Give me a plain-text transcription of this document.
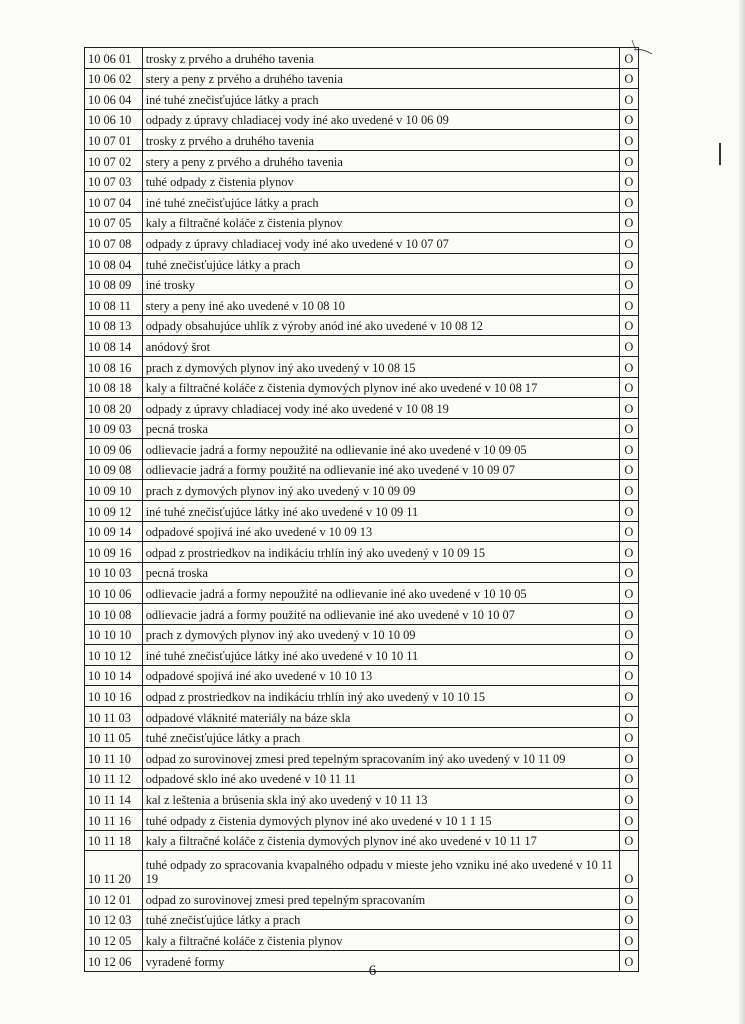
10 06 01	trosky z prvého a druhého tavenia	O
10 06 02	stery a peny z prvého a druhého tavenia	O
10 06 04	iné tuhé znečisťujúce látky a prach	O
10 06 10	odpady z úpravy chladiacej vody iné ako uvedené v 10 06 09	O
10 07 01	trosky z prvého a druhého tavenia	O
10 07 02	stery a peny z prvého a druhého tavenia	O
10 07 03	tuhé odpady z čistenia plynov	O
10 07 04	iné tuhé znečisťujúce látky a prach	O
10 07 05	kaly a filtračné koláče z čistenia plynov	O
10 07 08	odpady z úpravy chladiacej vody iné ako uvedené v 10 07 07	O
10 08 04	tuhé znečisťujúce látky a prach	O
10 08 09	iné trosky	O
10 08 11	stery a peny iné ako uvedené v 10 08 10	O
10 08 13	odpady obsahujúce uhlík z výroby anód iné ako uvedené v 10 08 12	O
10 08 14	anódový šrot	O
10 08 16	prach z dymových plynov iný ako uvedený v 10 08 15	O
10 08 18	kaly a filtračné koláče z čistenia dymových plynov iné ako uvedené v 10 08 17	O
10 08 20	odpady z úpravy chladiacej vody iné ako uvedené v 10 08 19	O
10 09 03	pecná troska	O
10 09 06	odlievacie jadrá a formy nepoužité na odlievanie iné ako uvedené v 10 09 05	O
10 09 08	odlievacie jadrá a formy použité na odlievanie iné ako uvedené v 10 09 07	O
10 09 10	prach z dymových plynov iný ako uvedený v 10 09 09	O
10 09 12	iné tuhé znečisťujúce látky iné ako uvedené v 10 09 11	O
10 09 14	odpadové spojivá iné ako uvedené v 10 09 13	O
10 09 16	odpad z prostriedkov na indikáciu trhlín iný ako uvedený v 10 09 15	O
10 10 03	pecná troska	O
10 10 06	odlievacie jadrá a formy nepoužité na odlievanie iné ako uvedené v 10 10 05	O
10 10 08	odlievacie jadrá a formy použité na odlievanie iné ako uvedené v 10 10 07	O
10 10 10	prach z dymových plynov iný ako uvedený v 10 10 09	O
10 10 12	iné tuhé znečisťujúce látky iné ako uvedené v 10 10 11	O
10 10 14	odpadové spojivá iné ako uvedené v 10 10 13	O
10 10 16	odpad z prostriedkov na indikáciu trhlín iný ako uvedený v 10 10 15	O
10 11 03	odpadové vláknité materiály na báze skla	O
10 11 05	tuhé znečisťujúce látky a prach	O
10 11 10	odpad zo surovinovej zmesi pred tepelným spracovaním iný ako uvedený v 10 11 09	O
10 11 12	odpadové sklo iné ako uvedené v 10 11 11	O
10 11 14	kal z leštenia a brúsenia skla iný ako uvedený v 10 11 13	O
10 11 16	tuhé odpady z čistenia dymových plynov iné ako uvedené v 10 1 1 15	O
10 11 18	kaly a filtračné koláče z čistenia dymových plynov iné ako uvedené v 10 11 17	O
10 11 20	tuhé odpady zo spracovania kvapalného odpadu v mieste jeho vzniku iné ako uvedené v 10 11 19	O
10 12 01	odpad zo surovinovej zmesi pred tepelným spracovaním	O
10 12 03	tuhé znečisťujúce látky a prach	O
10 12 05	kaly a filtračné koláče z čistenia plynov	O
10 12 06	vyradené formy	O
6
